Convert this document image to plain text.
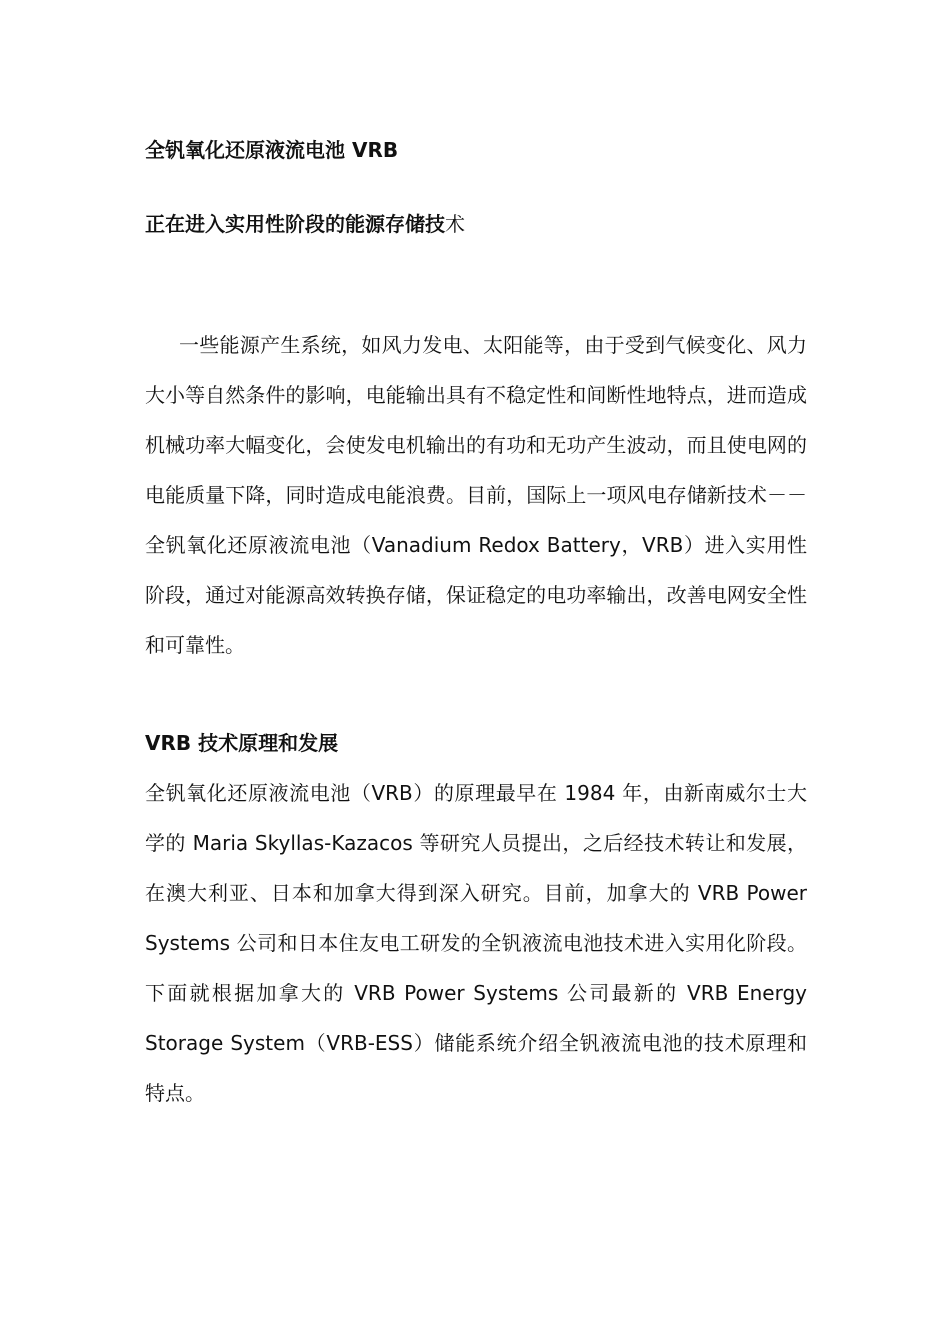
全钒氧化还原液流电池 VRB
正在进入实用性阶段的能源存储技术

一些能源产生系统，如风力发电、太阳能等，由于受到气候变化、风力大小等自然条件的影响，电能输出具有不稳定性和间断性地特点，进而造成机械功率大幅变化，会使发电机输出的有功和无功产生波动，而且使电网的电能质量下降，同时造成电能浪费。目前，国际上一项风电存储新技术－－全钒氧化还原液流电池（Vanadium Redox Battery，VRB）进入实用性阶段，通过对能源高效转换存储，保证稳定的电功率输出，改善电网安全性和可靠性。

VRB 技术原理和发展

全钒氧化还原液流电池（VRB）的原理最早在 1984 年，由新南威尔士大学的 Maria Skyllas-Kazacos 等研究人员提出，之后经技术转让和发展，在澳大利亚、日本和加拿大得到深入研究。目前，加拿大的 VRB Power Systems 公司和日本住友电工研发的全钒液流电池技术进入实用化阶段。下面就根据加拿大的 VRB Power Systems 公司最新的 VRB Energy Storage System（VRB-ESS）储能系统介绍全钒液流电池的技术原理和特点。
